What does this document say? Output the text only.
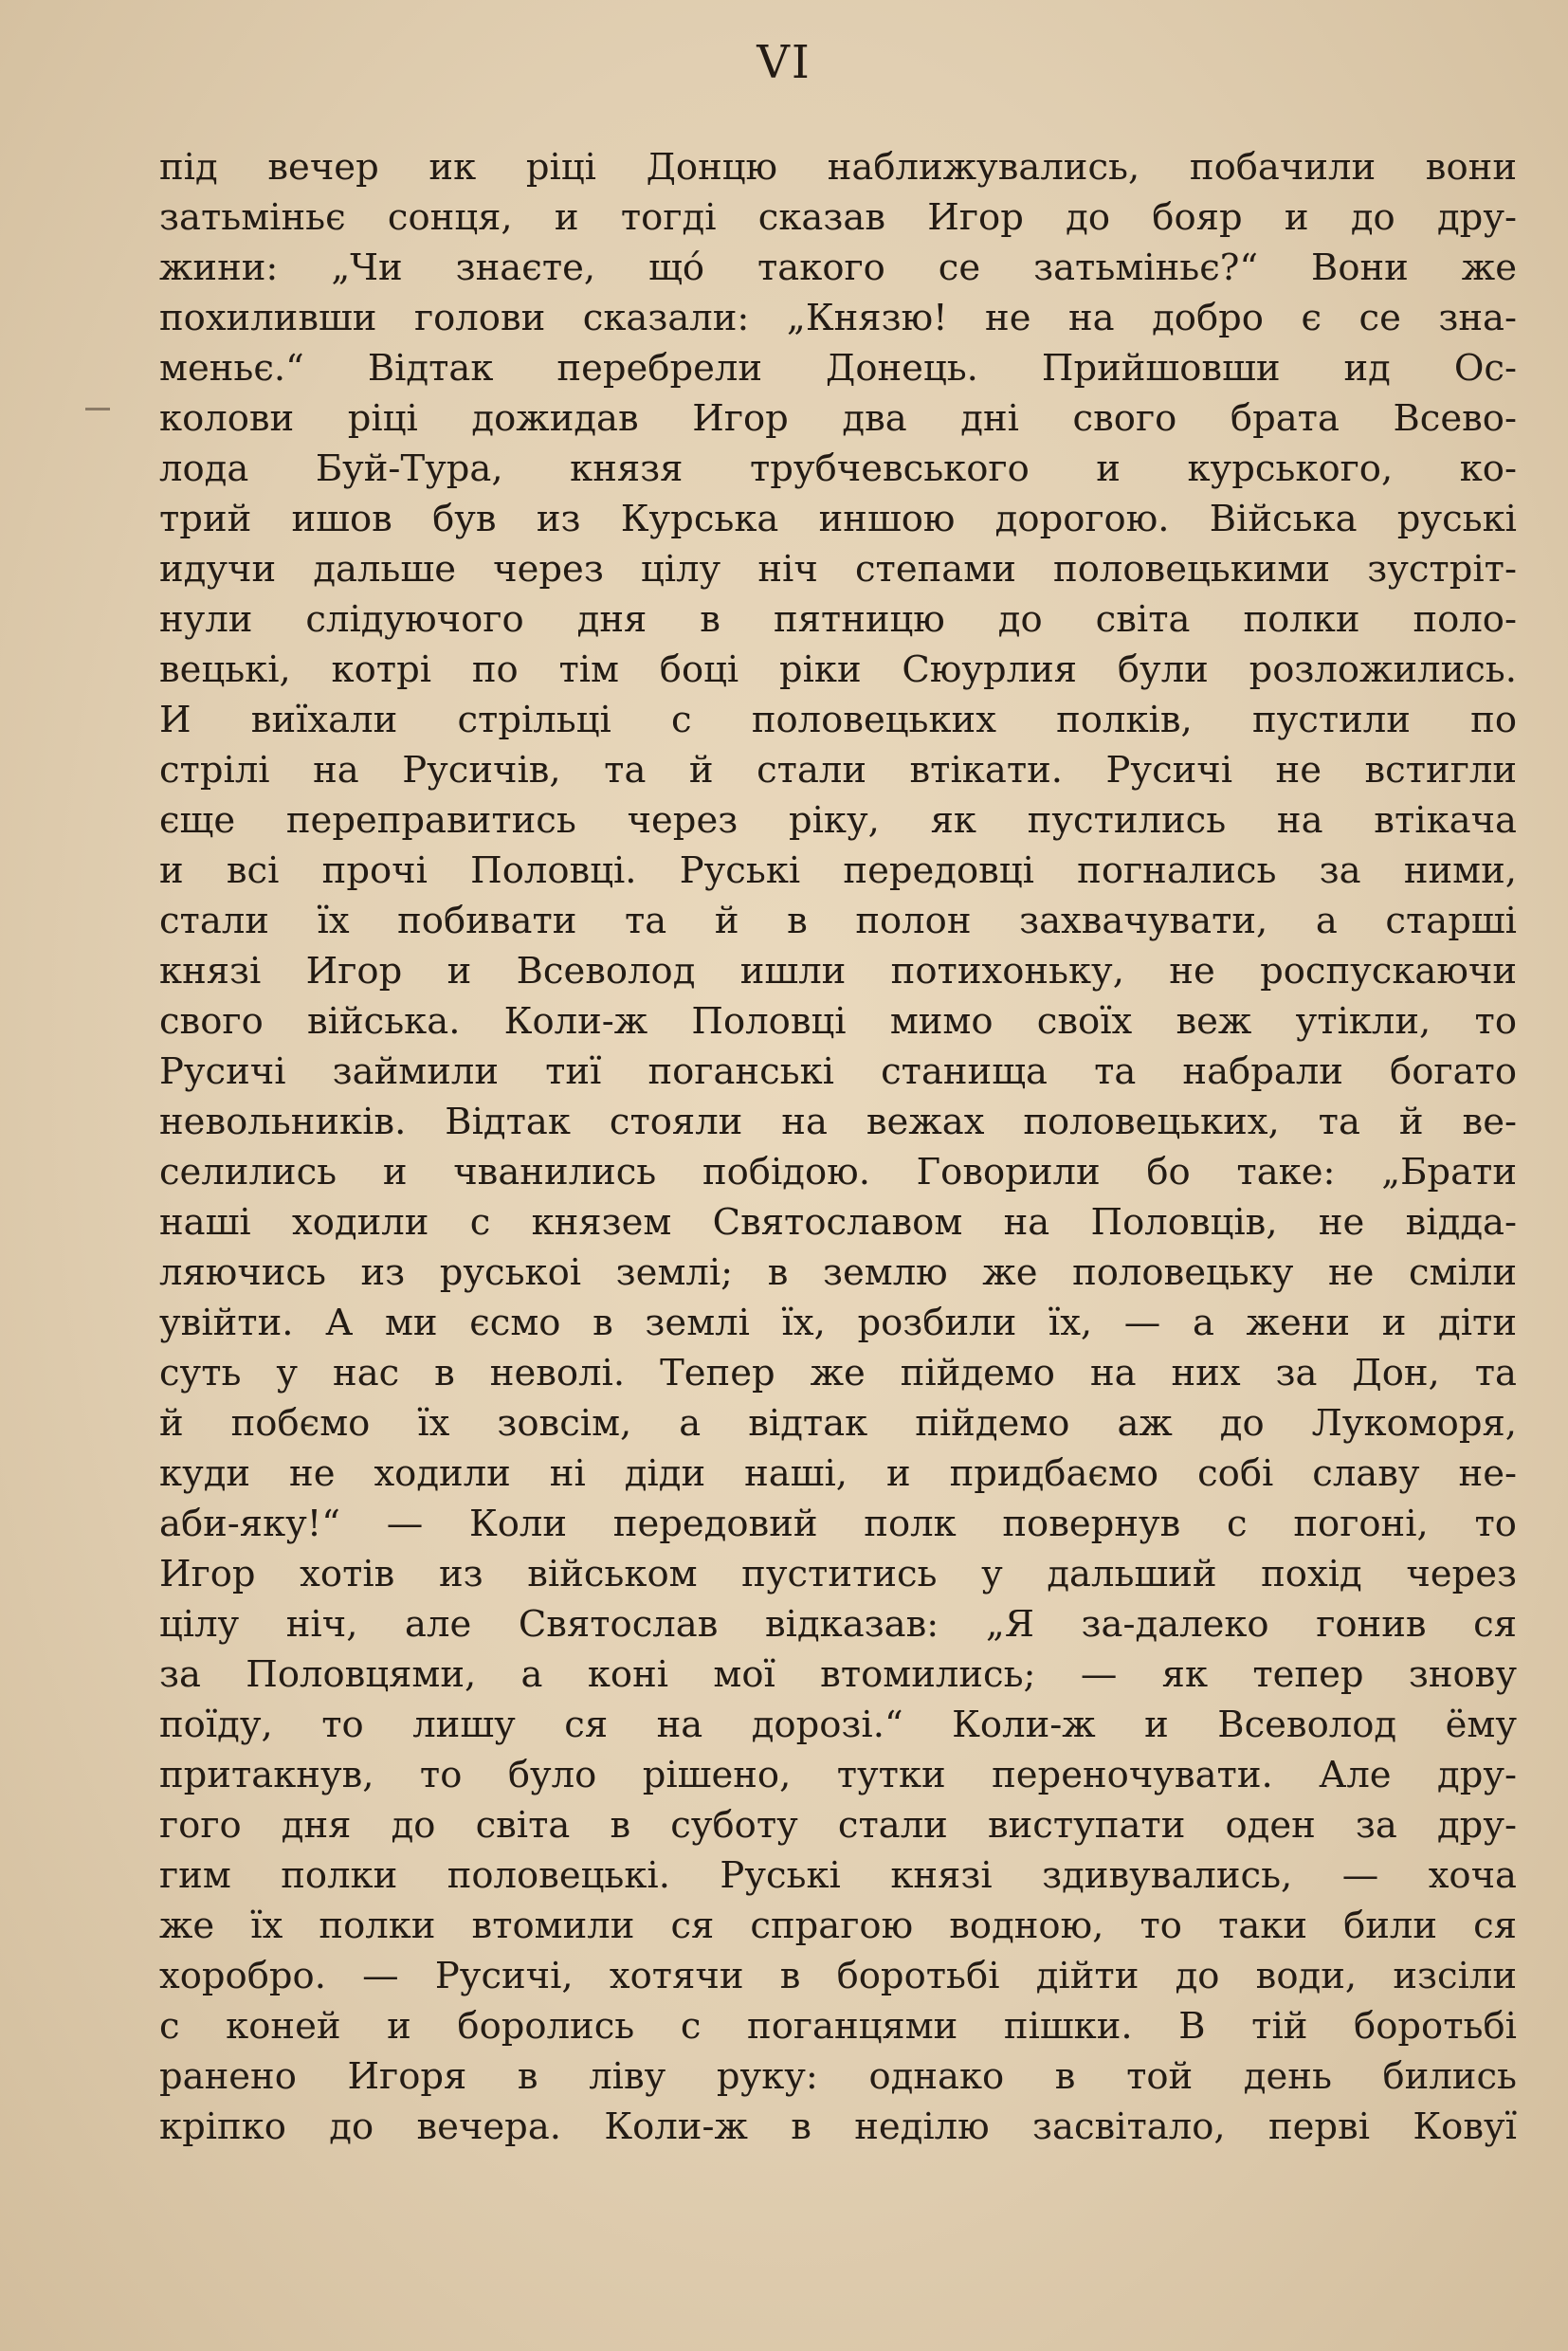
VI
під вечер ик ріці Донцю наближувались, побачили вони
затьміньє сонця, и тогді сказав Игор до бояр и до дру-
жини: „Чи знаєте, щó такого се затьміньє?“ Вони же
похиливши голови сказали: „Князю! не на добро є се зна-
меньє.“ Відтак перебрели Донець. Прийшовши ид Ос-
колови ріці дожидав Игор два дні свого брата Всево-
лода Буй-Тура, князя трубчевського и курського, ко-
трий ишов був из Курська иншою дорогою. Військa руські
идучи дальше через цілу ніч степами половецькими зустріт-
нули слідуючого дня в пятницю до світа полки поло-
вецькі, котрі по тім боці ріки Сюурлия були розложились.
И виїхали стрільці с половецьких полків, пустили по
стрілі на Русичів, та й стали втікати. Русичі не встигли
єще переправитись через ріку, як пустились на втікача
и всі прочі Половці. Руські передовці погнались за ними,
стали їх побивати та й в полон захвачувати, а старші
князі Игор и Всеволод ишли потихоньку, не роспускаючи
свого війська. Коли-ж Половці мимо своїх веж утікли, то
Русичі займили тиї поганські станища та набрали богато
невольників. Відтак стояли на вежах половецьких, та й ве-
селились и чванились побідою. Говорили бо таке: „Брати
наші ходили с князем Святославом на Половців, не відда-
ляючись из руськоі землі; в землю же половецьку не сміли
увійти. А ми єсмо в землі їх, розбили їх, — а жени и діти
суть у нас в неволі. Тепер же пійдемо на них за Дон, та
й побємо їх зовсім, а відтак пійдемо аж до Лукоморя,
куди не ходили ні діди наші, и придбаємо собі славу не-
аби-яку!“ — Коли передовий полк повернув с погоні, то
Игор хотів из військом пуститись у дальший похід через
цілу ніч, але Святослав відказав: „Я за-далеко гонив ся
за Половцями, а коні мої втомились; — як тепер знову
поїду, то лишу ся на дорозі.“ Коли-ж и Всеволод ёму
притакнув, то було рішено, тутки переночувати. Але дру-
гого дня до світа в суботу стали виступати оден за дру-
гим полки половецькі. Руські князі здивувались, — хоча
же їх полки втомили ся спрагою водною, то таки били ся
хоробро. — Русичі, хотячи в боротьбі дійти до води, изсіли
с коней и боролись с поганцями пішки. В тій боротьбі
ранено Игоря в ліву руку: однако в той день бились
кріпко до вечера. Коли-ж в неділю засвітало, первi Ковуї
